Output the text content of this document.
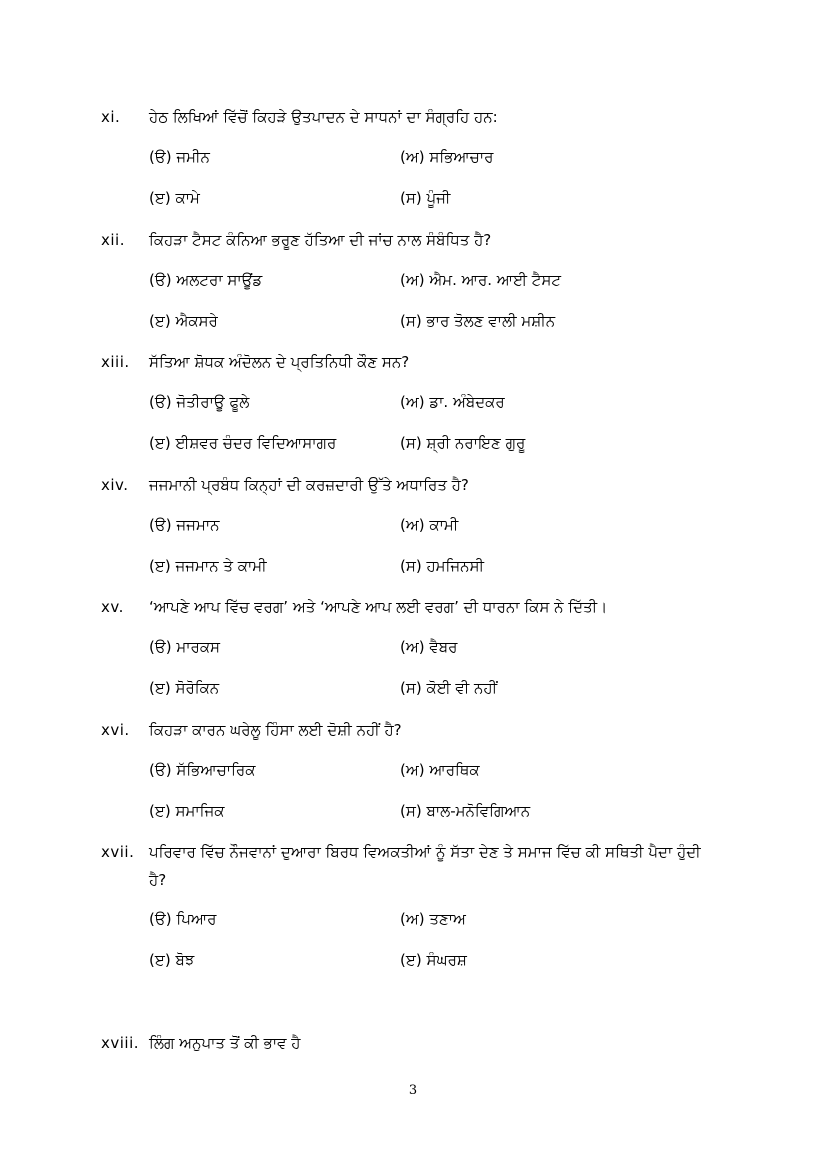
xi. ਹੇਠ ਲਿਖਿਆਂ ਵਿੱਚੋਂ ਕਿਹੜੇ ਉਤਪਾਦਨ ਦੇ ਸਾਧਨਾਂ ਦਾ ਸੰਗ੍ਰਹਿ ਹਨ:
(ੳ) ਜਮੀਨ	(ਅ) ਸਭਿਆਚਾਰ
(ੲ) ਕਾਮੇ	(ਸ) ਪੂੰਜੀ
xii. ਕਿਹੜਾ ਟੈਸਟ ਕੰਨਿਆ ਭਰੂਣ ਹੱਤਿਆ ਦੀ ਜਾਂਚ ਨਾਲ ਸੰਬੰਧਿਤ ਹੈ?
(ੳ) ਅਲਟਰਾ ਸਾਊਂਡ	(ਅ) ਐਮ. ਆਰ. ਆਈ ਟੈਸਟ
(ੲ) ਐਕਸਰੇ	(ਸ) ਭਾਰ ਤੋਲਣ ਵਾਲੀ ਮਸ਼ੀਨ
xiii. ਸੱਤਿਆ ਸ਼ੋਧਕ ਅੰਦੋਲਨ ਦੇ ਪ੍ਰਤਿਨਿਧੀ ਕੌਣ ਸਨ?
(ੳ) ਜੋਤੀਰਾਊ ਫੂਲੇ	(ਅ) ਡਾ. ਅੰਬੇਦਕਰ
(ੲ) ਈਸ਼ਵਰ ਚੰਦਰ ਵਿਦਿਆਸਾਗਰ	(ਸ) ਸ਼੍ਰੀ ਨਰਾਇਣ ਗੁਰੂ
xiv. ਜਜਮਾਨੀ ਪ੍ਰਬੰਧ ਕਿਨ੍ਹਾਂ ਦੀ ਕਰਜ਼ਦਾਰੀ ਉੱਤੇ ਅਧਾਰਿਤ ਹੈ?
(ੳ) ਜਜਮਾਨ	(ਅ) ਕਾਮੀ
(ੲ) ਜਜਮਾਨ ਤੇ ਕਾਮੀ	(ਸ) ਹਮਜਿਨਸੀ
xv. ‘ਆਪਣੇ ਆਪ ਵਿੱਚ ਵਰਗ’ ਅਤੇ ‘ਆਪਣੇ ਆਪ ਲਈ ਵਰਗ’ ਦੀ ਧਾਰਨਾ ਕਿਸ ਨੇ ਦਿੱਤੀ।
(ੳ) ਮਾਰਕਸ	(ਅ) ਵੈਬਰ
(ੲ) ਸੋਰੋਕਿਨ	(ਸ) ਕੋਈ ਵੀ ਨਹੀਂ
xvi. ਕਿਹੜਾ ਕਾਰਨ ਘਰੇਲੂ ਹਿੰਸਾ ਲਈ ਦੋਸ਼ੀ ਨਹੀਂ ਹੈ?
(ੳ) ਸੱਭਿਆਚਾਰਿਕ	(ਅ) ਆਰਥਿਕ
(ੲ) ਸਮਾਜਿਕ	(ਸ) ਬਾਲ-ਮਨੋਵਿਗਿਆਨ
xvii. ਪਰਿਵਾਰ ਵਿੱਚ ਨੌਜਵਾਨਾਂ ਦੁਆਰਾ ਬਿਰਧ ਵਿਅਕਤੀਆਂ ਨੂੰ ਸੱਤਾ ਦੇਣ ਤੇ ਸਮਾਜ ਵਿੱਚ ਕੀ ਸਥਿਤੀ ਪੈਦਾ ਹੁੰਦੀ ਹੈ?
(ੳ) ਪਿਆਰ	(ਅ) ਤਣਾਅ
(ੲ) ਬੋਝ	(ੲ) ਸੰਘਰਸ਼
xviii. ਲਿੰਗ ਅਨੁਪਾਤ ਤੋਂ ਕੀ ਭਾਵ ਹੈ
3
